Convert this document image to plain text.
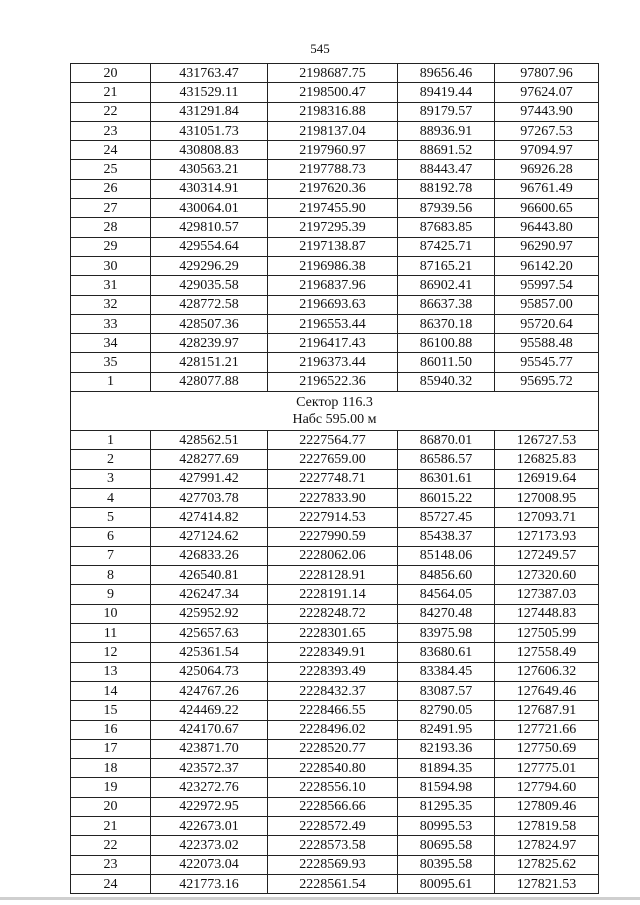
545
20	431763.47	2198687.75	89656.46	97807.96
21	431529.11	2198500.47	89419.44	97624.07
22	431291.84	2198316.88	89179.57	97443.90
23	431051.73	2198137.04	88936.91	97267.53
24	430808.83	2197960.97	88691.52	97094.97
25	430563.21	2197788.73	88443.47	96926.28
26	430314.91	2197620.36	88192.78	96761.49
27	430064.01	2197455.90	87939.56	96600.65
28	429810.57	2197295.39	87683.85	96443.80
29	429554.64	2197138.87	87425.71	96290.97
30	429296.29	2196986.38	87165.21	96142.20
31	429035.58	2196837.96	86902.41	95997.54
32	428772.58	2196693.63	86637.38	95857.00
33	428507.36	2196553.44	86370.18	95720.64
34	428239.97	2196417.43	86100.88	95588.48
35	428151.21	2196373.44	86011.50	95545.77
1	428077.88	2196522.36	85940.32	95695.72

Сектор 116.3
Набс 595.00 м				

1	428562.51	2227564.77	86870.01	126727.53
2	428277.69	2227659.00	86586.57	126825.83
3	427991.42	2227748.71	86301.61	126919.64
4	427703.78	2227833.90	86015.22	127008.95
5	427414.82	2227914.53	85727.45	127093.71
6	427124.62	2227990.59	85438.37	127173.93
7	426833.26	2228062.06	85148.06	127249.57
8	426540.81	2228128.91	84856.60	127320.60
9	426247.34	2228191.14	84564.05	127387.03
10	425952.92	2228248.72	84270.48	127448.83
11	425657.63	2228301.65	83975.98	127505.99
12	425361.54	2228349.91	83680.61	127558.49
13	425064.73	2228393.49	83384.45	127606.32
14	424767.26	2228432.37	83087.57	127649.46
15	424469.22	2228466.55	82790.05	127687.91
16	424170.67	2228496.02	82491.95	127721.66
17	423871.70	2228520.77	82193.36	127750.69
18	423572.37	2228540.80	81894.35	127775.01
19	423272.76	2228556.10	81594.98	127794.60
20	422972.95	2228566.66	81295.35	127809.46
21	422673.01	2228572.49	80995.53	127819.58
22	422373.02	2228573.58	80695.58	127824.97
23	422073.04	2228569.93	80395.58	127825.62
24	421773.16	2228561.54	80095.61	127821.53
